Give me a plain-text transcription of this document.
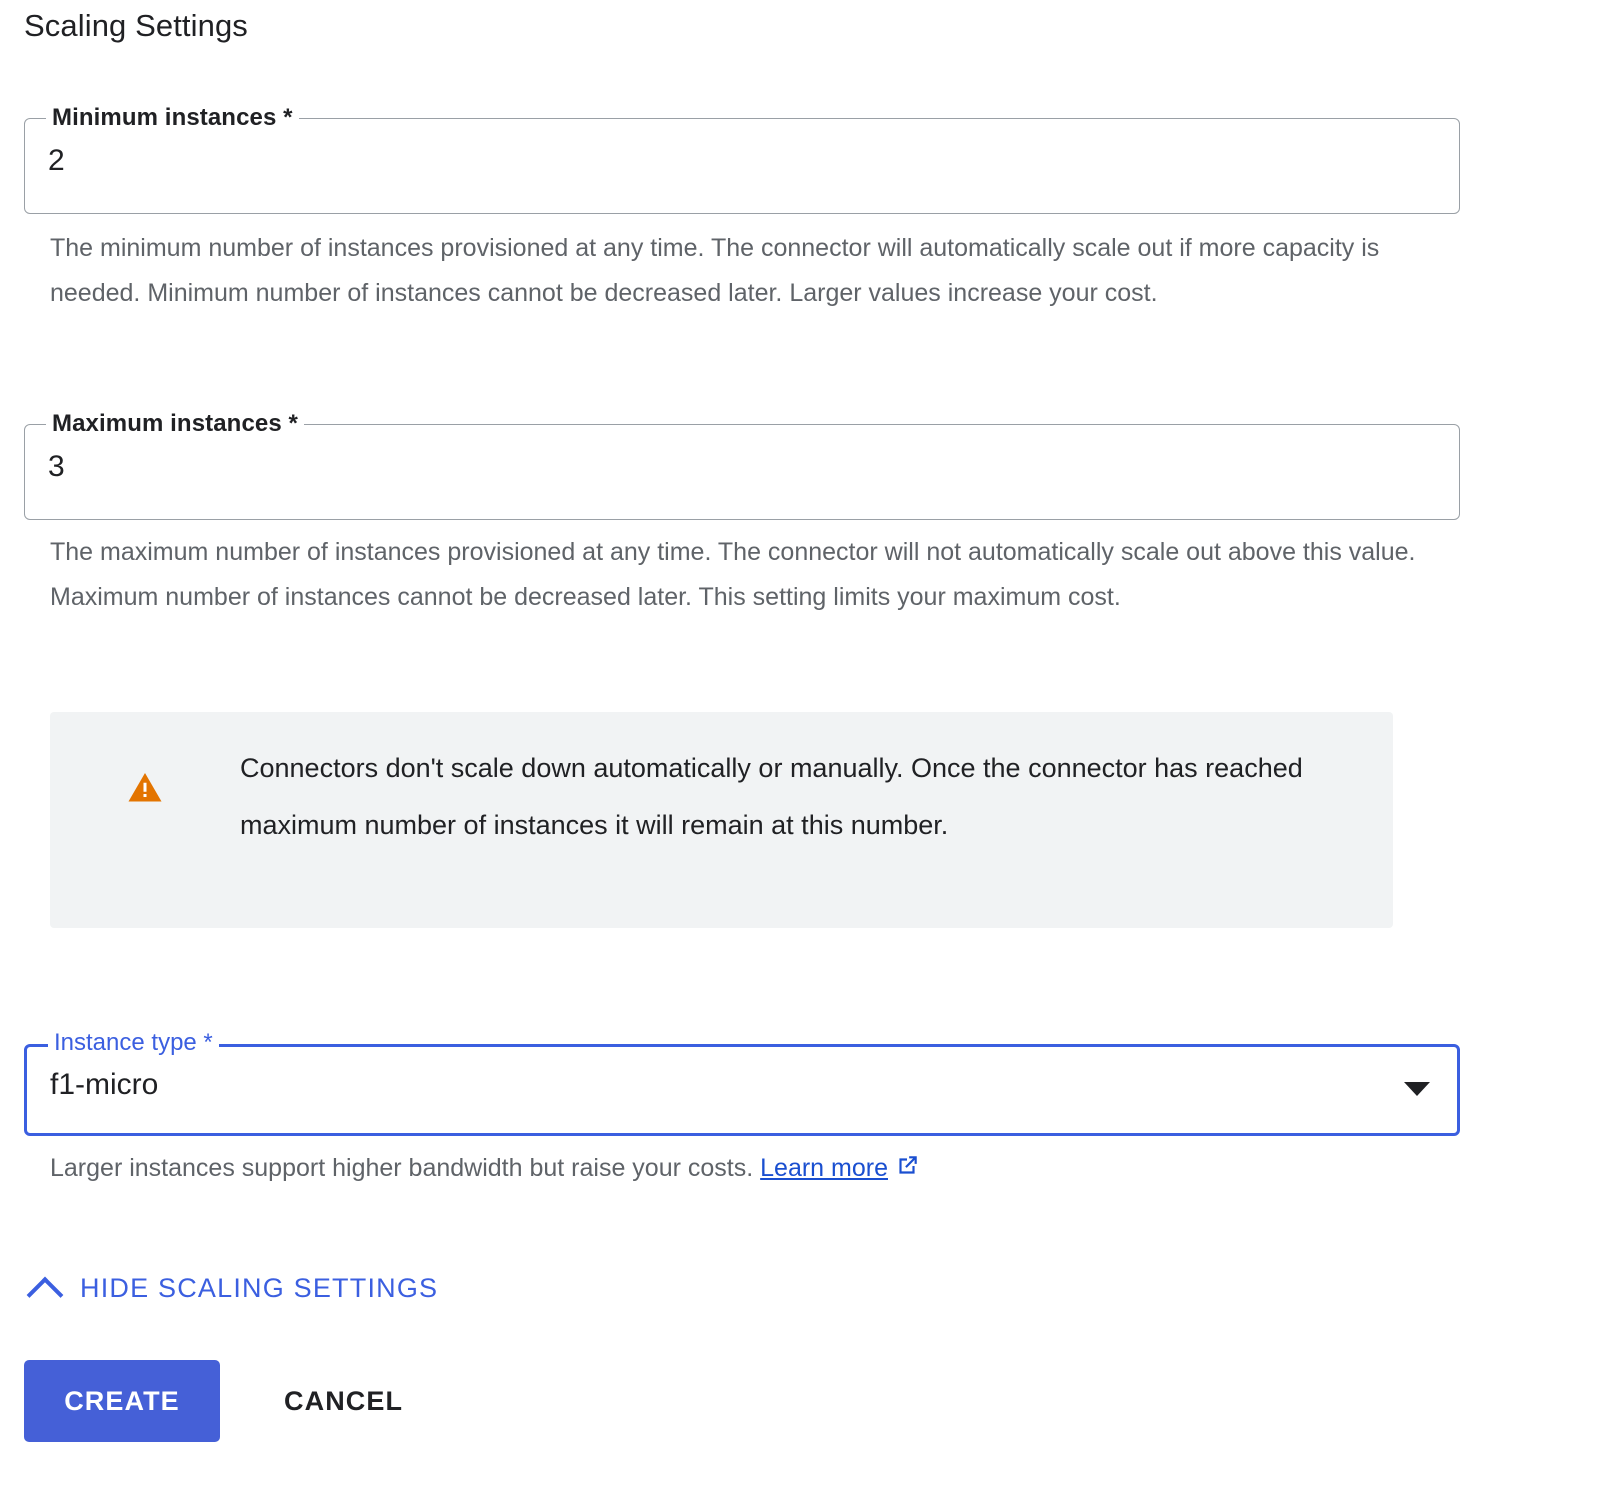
Scaling Settings
Minimum instances *
2
The minimum number of instances provisioned at any time. The connector will automatically scale out if more capacity is needed. Minimum number of instances cannot be decreased later. Larger values increase your cost.
Maximum instances *
3
The maximum number of instances provisioned at any time. The connector will not automatically scale out above this value. Maximum number of instances cannot be decreased later. This setting limits your maximum cost.
Connectors don't scale down automatically or manually. Once the connector has reached maximum number of instances it will remain at this number.
Instance type *
f1-micro
Larger instances support higher bandwidth but raise your costs. Learn more
HIDE SCALING SETTINGS
CREATE	CANCEL
